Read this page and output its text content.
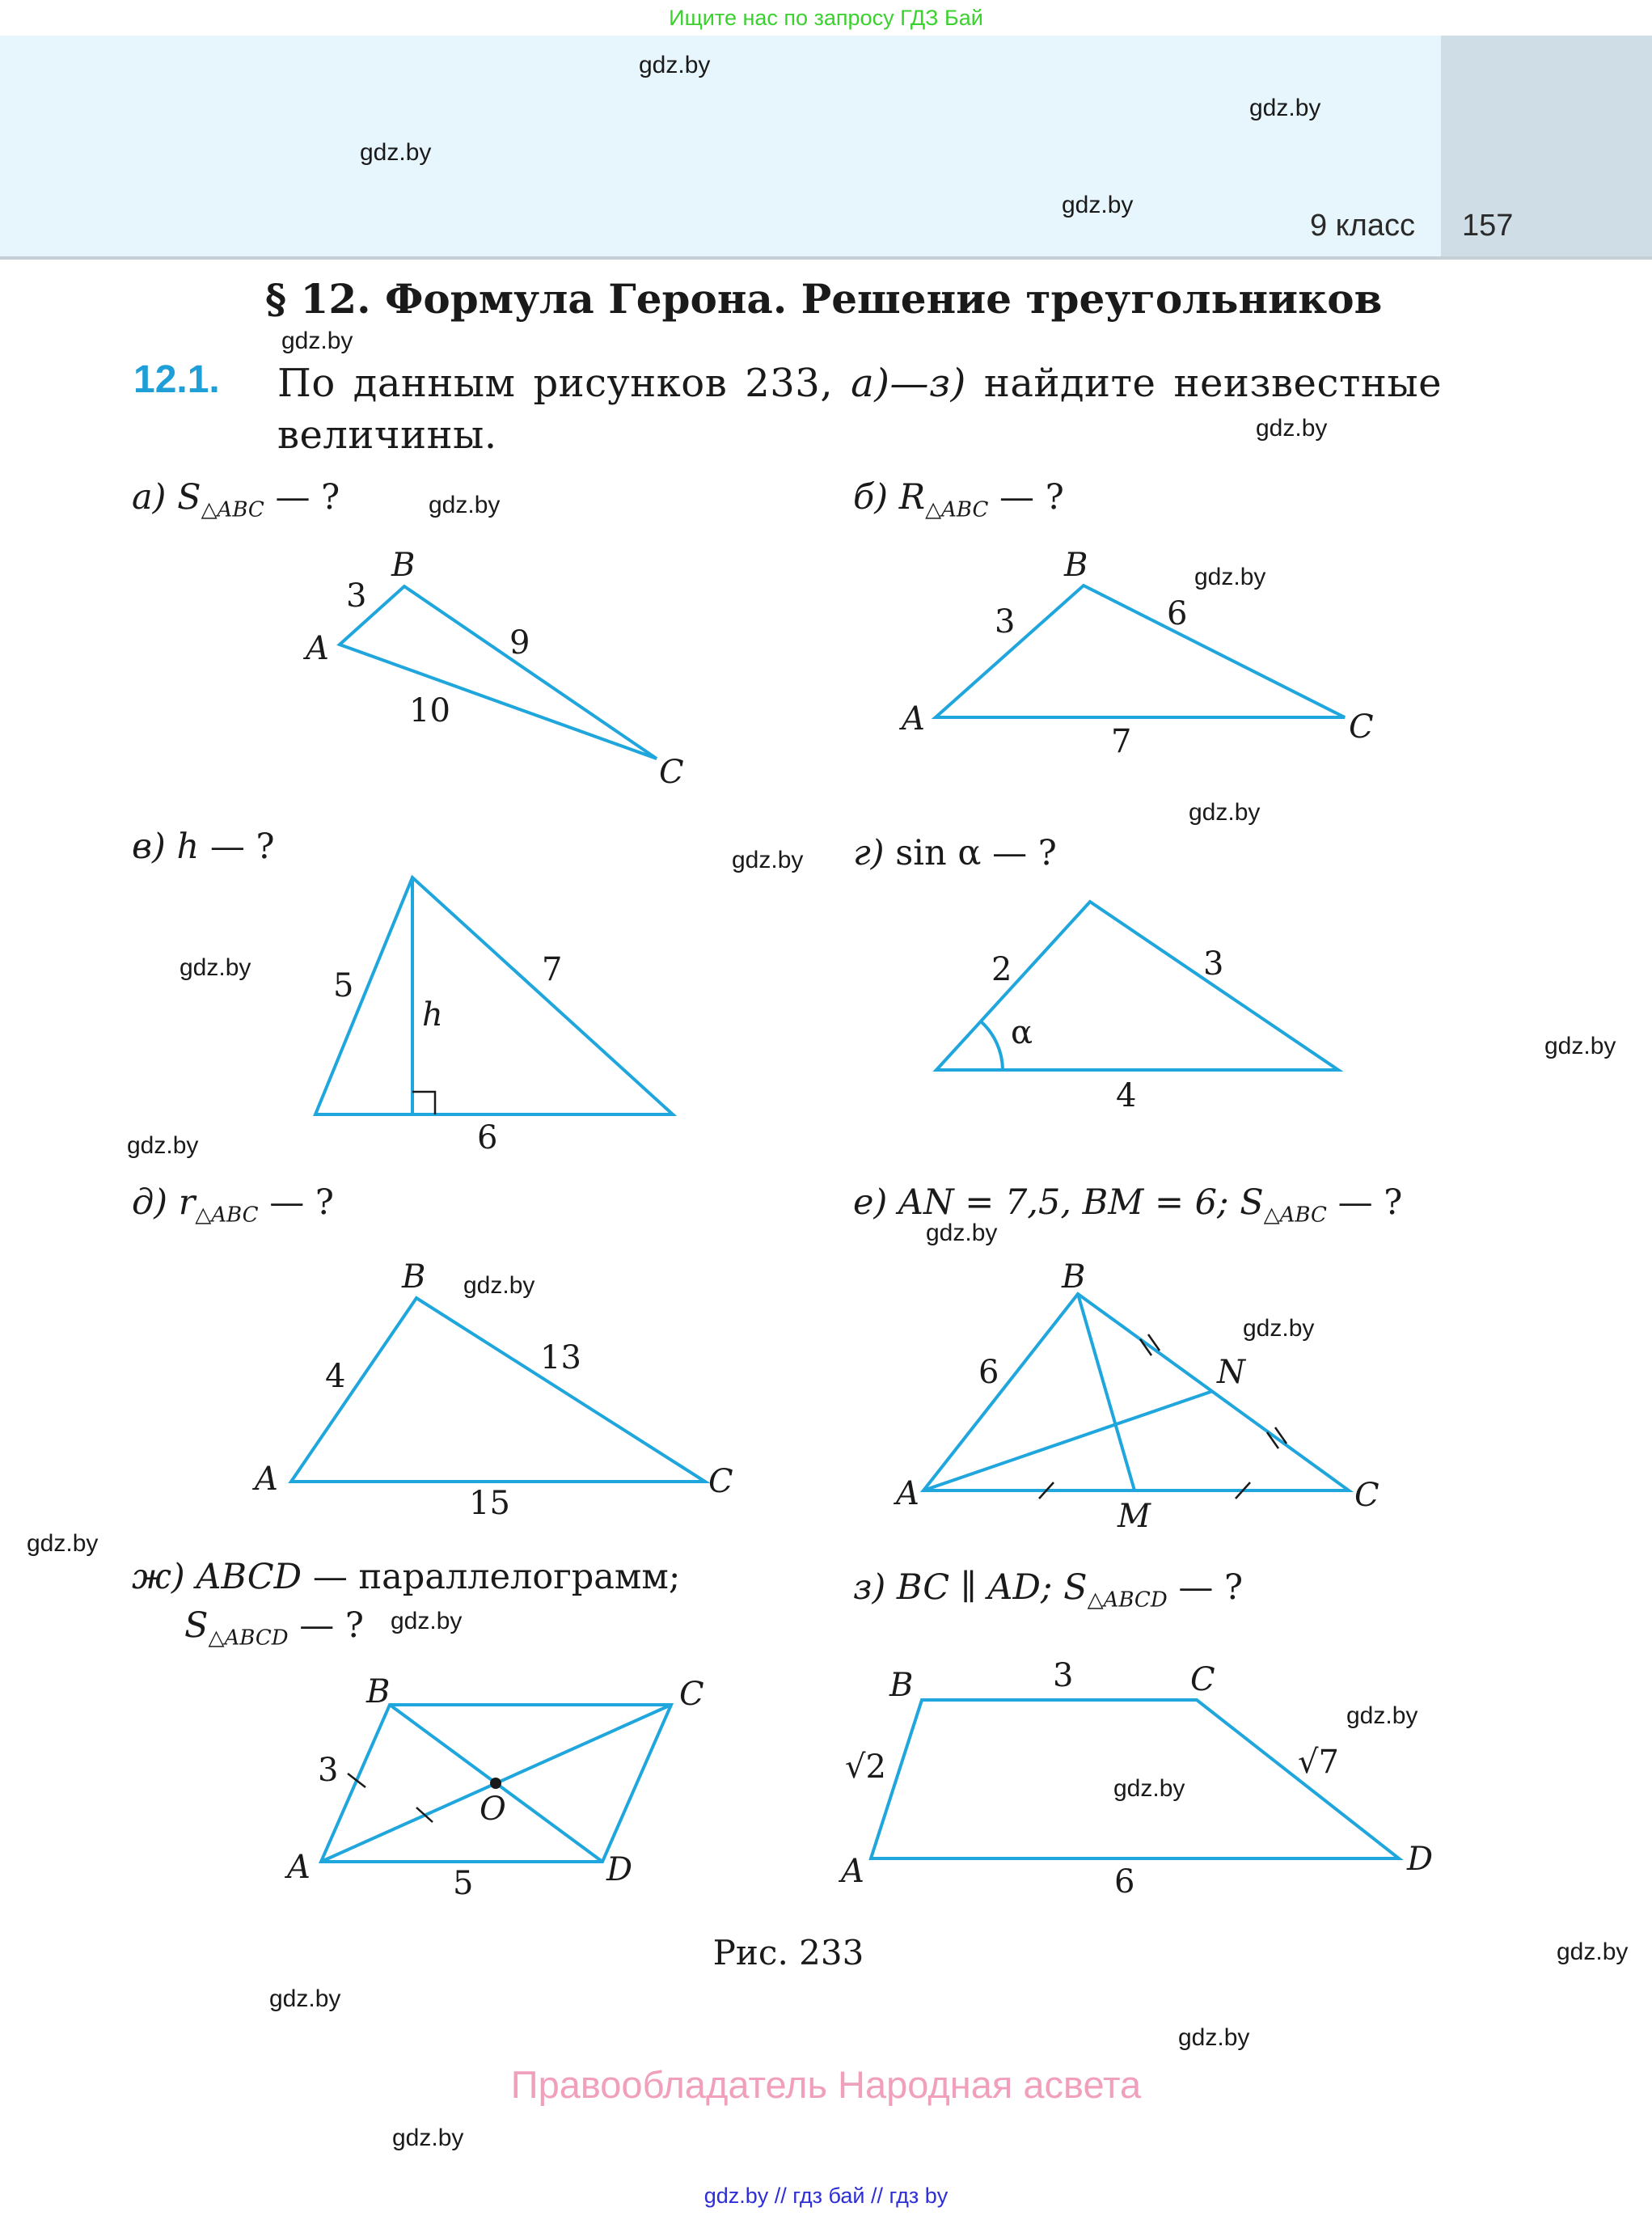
Ищите нас по запросу ГДЗ Бай
9 класс 157
§ 12. Формула Герона. Решение треугольников
12.1. По данным рисунков 233, а)—з) найдите неизвестные величины.
а) $S_{\triangle ABC}$ — ?	б) $R_{\triangle ABC}$ — ?
в) h — ?	г) sin α — ?
д) $r_{\triangle ABC}$ — ?	е) AN = 7,5, BM = 6; $S_{\triangle ABC}$ — ?
ж) ABCD — параллелограмм;
$S_{\triangle ABCD}$ — ?
з) BC ∥ AD; $S_{\triangle ABCD}$ — ?
A
B
C
3
9
10	A
B
C
3	6
7
5	7
6
h
2	3
4
α
A
B
C
4	13
15	A
B
C
N
M
6
A
B	C
D
O
3
5	A
B	C
D
3
√2	√7
6
Рис. 233
Правообладатель Народная асвета
gdz.by // гдз бай // гдз by
gdz.by
gdz.by
gdz.by
gdz.by
gdz.by
gdz.by
gdz.by
gdz.by
gdz.by
gdz.by
gdz.by
gdz.by
gdz.by
gdz.by
gdz.by
gdz.by
gdz.by
gdz.by
gdz.by
gdz.by
gdz.by
gdz.by
gdz.by
gdz.by
